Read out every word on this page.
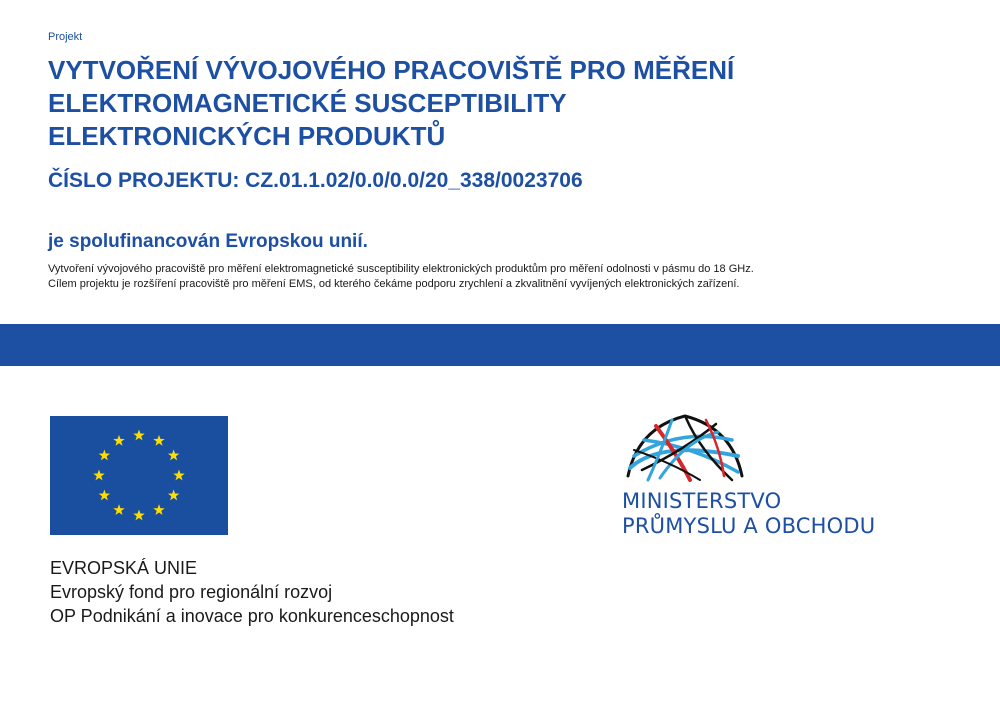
Projekt
VYTVOŘENÍ VÝVOJOVÉHO PRACOVIŠTĚ PRO MĚŘENÍ
ELEKTROMAGNETICKÉ SUSCEPTIBILITY
ELEKTRONICKÝCH PRODUKTŮ
ČÍSLO PROJEKTU: CZ.01.1.02/0.0/0.0/20_338/0023706
je spolufinancován Evropskou unií.
Vytvoření vývojového pracoviště pro měření elektromagnetické susceptibility elektronických produktům pro měření odolnosti v pásmu do 18 GHz.
Cílem projektu je rozšíření pracoviště pro měření EMS, od kterého čekáme podporu zrychlení a zkvalitnění vyvíjených elektronických zařízení.
EVROPSKÁ UNIE
Evropský fond pro regionální rozvoj
OP Podnikání a inovace pro konkurenceschopnost
MINISTERSTVO
PRŮMYSLU A OBCHODU
